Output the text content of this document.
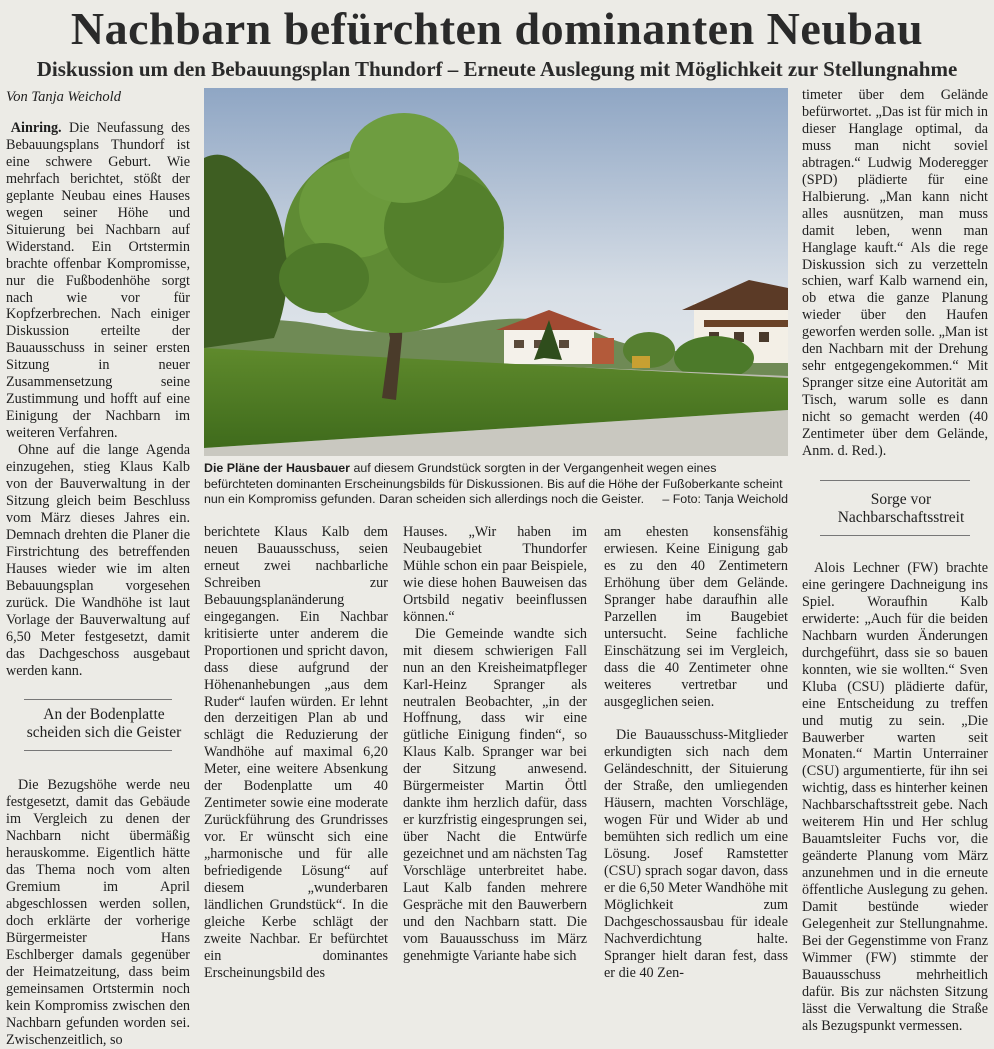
Nachbarn befürchten dominanten Neubau
Diskussion um den Bebauungsplan Thundorf – Erneute Auslegung mit Möglichkeit zur Stellungnahme
Von Tanja Weichold

    Ainring. Die Neufassung des Bebauungsplans Thundorf ist eine schwere Geburt. Wie mehrfach berichtet, stößt der geplante Neubau eines Hauses wegen seiner Höhe und Situierung bei Nachbarn auf Widerstand. Ein Ortstermin brachte offenbar Kompromisse, nur die Fußbodenhöhe sorgt nach wie vor für Kopfzerbrechen. Nach einiger Diskussion erteilte der Bauausschuss in seiner ersten Sitzung in neuer Zusammensetzung seine Zustimmung und hofft auf eine Einigung der Nachbarn im weiteren Verfahren.

Ohne auf die lange Agenda einzugehen, stieg Klaus Kalb von der Bauverwaltung in der Sitzung gleich beim Beschluss vom März dieses Jahres ein. Demnach drehten die Planer die Firstrichtung des betreffenden Hauses wieder wie im alten Bebauungsplan vorgesehen zurück. Die Wandhöhe ist laut Vorlage der Bauverwaltung auf 6,50 Meter festgesetzt, damit das Dachgeschoss ausgebaut werden kann.

An der Bodenplatte

scheiden sich die Geister

Die Bezugshöhe werde neu festgesetzt, damit das Gebäude im Vergleich zu denen der Nachbarn nicht übermäßig herauskomme. Eigentlich hätte das Thema noch vom alten Gremium im April abgeschlossen werden sollen, doch erklärte der vorherige Bürgermeister Hans Eschlberger damals gegenüber der Heimatzeitung, dass beim gemeinsamen Ortstermin noch kein Kompromiss zwischen den Nachbarn gefunden worden sei. Zwischenzeitlich, so

Die Pläne der Hausbauer auf diesem Grundstück sorgten in der Vergangenheit wegen eines befürchteten dominanten Erscheinungsbilds für Diskussionen. Bis auf die Höhe der Fußoberkante scheint nun ein Kompromiss gefunden. Daran scheiden sich allerdings noch die Geister. – Foto: Tanja Weichold

berichtete Klaus Kalb dem neuen Bauausschuss, seien erneut zwei nachbarliche Schreiben zur Bebauungsplanänderung eingegangen. Ein Nachbar kritisierte unter anderem die Proportionen und spricht davon, dass diese aufgrund der Höhenanhebungen „aus dem Ruder“ laufen würden. Er lehnt den derzeitigen Plan ab und schlägt die Reduzierung der Wandhöhe auf maximal 6,20 Meter, eine weitere Absenkung der Bodenplatte um 40 Zentimeter sowie eine moderate Zurückführung des Grundrisses vor. Er wünscht sich eine „harmonische und für alle befriedigende Lösung“ auf diesem „wunderbaren ländlichen Grundstück“. In die gleiche Kerbe schlägt der zweite Nachbar. Er befürchtet ein dominantes Erscheinungsbild des

Hauses. „Wir haben im Neubaugebiet Thundorfer Mühle schon ein paar Beispiele, wie diese hohen Bauweisen das Ortsbild negativ beeinflussen können.“

Die Gemeinde wandte sich mit diesem schwierigen Fall nun an den Kreisheimatpfleger Karl-Heinz Spranger als neutralen Beobachter, „in der Hoffnung, dass wir eine gütliche Einigung finden“, so Klaus Kalb. Spranger war bei der Sitzung anwesend. Bürgermeister Martin Öttl dankte ihm herzlich dafür, dass er kurzfristig eingesprungen sei, über Nacht die Entwürfe gezeichnet und am nächsten Tag Vorschläge unterbreitet habe. Laut Kalb fanden mehrere Gespräche mit den Bauwerbern und den Nachbarn statt. Die vom Bauausschuss im März genehmigte Variante habe sich

am ehesten konsensfähig erwiesen. Keine Einigung gab es zu den 40 Zentimetern Erhöhung über dem Gelände. Spranger habe daraufhin alle Parzellen im Baugebiet untersucht. Seine fachliche Einschätzung sei im Vergleich, dass die 40 Zentimeter ohne weiteres vertretbar und ausgeglichen seien.

Die Bauausschuss-Mitglieder erkundigten sich nach dem Geländeschnitt, der Situierung der Straße, den umliegenden Häusern, machten Vorschläge, wogen Für und Wider ab und bemühten sich redlich um eine Lösung. Josef Ramstetter (CSU) sprach sogar davon, dass er die 6,50 Meter Wandhöhe mit Möglichkeit zum Dachgeschossausbau für ideale Nachverdichtung halte. Spranger hielt daran fest, dass er die 40 Zen-

timeter über dem Gelände befürwortet. „Das ist für mich in dieser Hanglage optimal, da muss man nicht soviel abtragen.“ Ludwig Moderegger (SPD) plädierte für eine Halbierung. „Man kann nicht alles ausnützen, man muss damit leben, wenn man Hanglage kauft.“ Als die rege Diskussion sich zu verzetteln schien, warf Kalb warnend ein, ob etwa die ganze Planung wieder über den Haufen geworfen werden solle. „Man ist den Nachbarn mit der Drehung sehr entgegengekommen.“ Mit Spranger sitze eine Autorität am Tisch, warum solle es dann nicht so gemacht werden (40 Zentimeter über dem Gelände, Anm. d. Red.).

Sorge vor

Nachbarschaftsstreit

Alois Lechner (FW) brachte eine geringere Dachneigung ins Spiel. Woraufhin Kalb erwiderte: „Auch für die beiden Nachbarn wurden Änderungen durchgeführt, dass sie so bauen konnten, wie sie wollten.“ Sven Kluba (CSU) plädierte dafür, eine Entscheidung zu treffen und mutig zu sein. „Die Bauwerber warten seit Monaten.“ Martin Unterrainer (CSU) argumentierte, für ihn sei wichtig, dass es hinterher keinen Nachbarschaftsstreit gebe. Nach weiterem Hin und Her schlug Bauamtsleiter Fuchs vor, die geänderte Planung vom März anzunehmen und in die erneute öffentliche Auslegung zu gehen. Damit bestünde wieder Gelegenheit zur Stellungnahme. Bei der Gegenstimme von Franz Wimmer (FW) stimmte der Bauausschuss mehrheitlich dafür. Bis zur nächsten Sitzung lässt die Verwaltung die Straße als Bezugspunkt vermessen.
